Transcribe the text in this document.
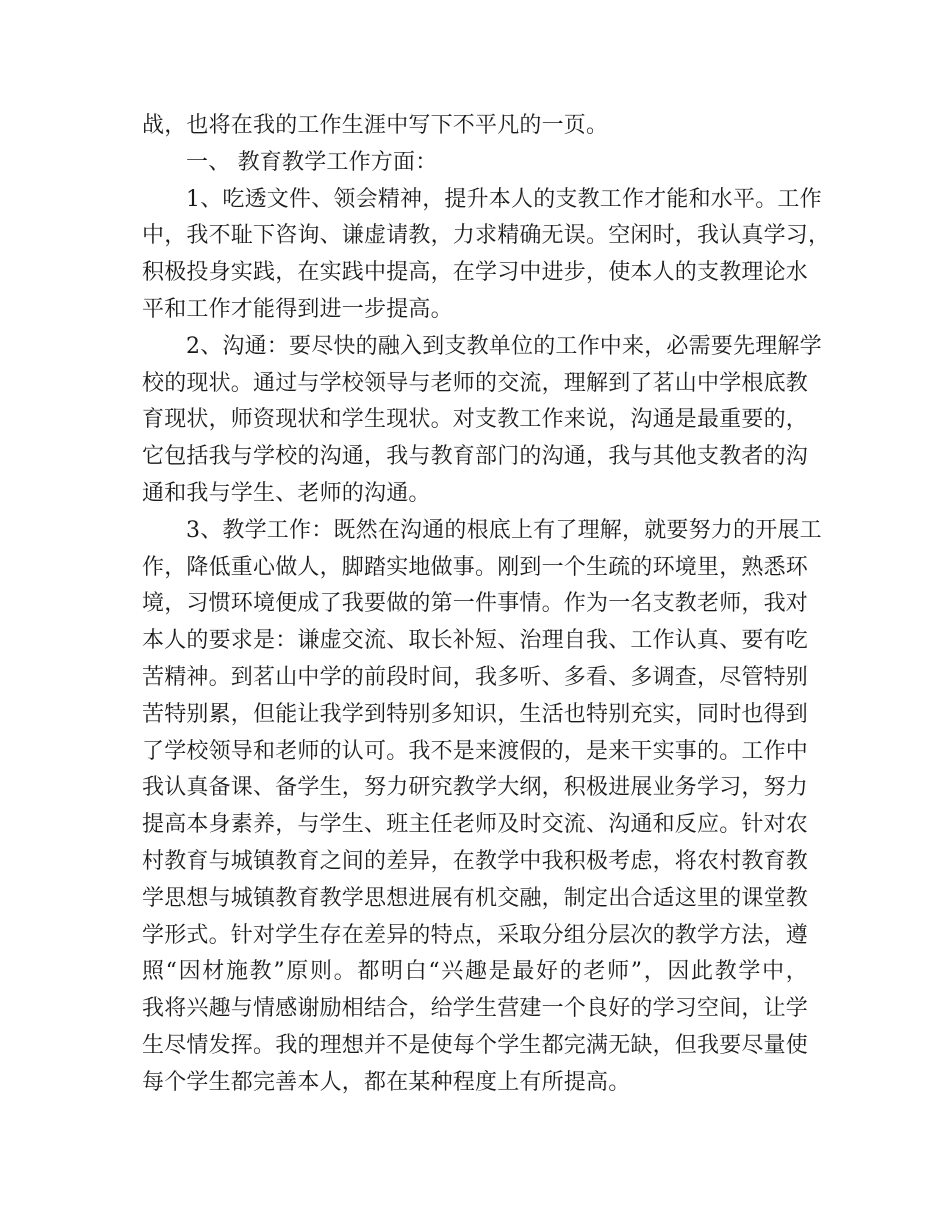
战，也将在我的工作生涯中写下不平凡的一页。
一、 教育教学工作方面：
1、吃透文件、领会精神，提升本人的支教工作才能和水平。工作
中，我不耻下咨询、谦虚请教，力求精确无误。空闲时，我认真学习，
积极投身实践，在实践中提高，在学习中进步，使本人的支教理论水
平和工作才能得到进一步提高。
2、沟通：要尽快的融入到支教单位的工作中来，必需要先理解学
校的现状。通过与学校领导与老师的交流，理解到了茗山中学根底教
育现状，师资现状和学生现状。对支教工作来说，沟通是最重要的，
它包括我与学校的沟通，我与教育部门的沟通，我与其他支教者的沟
通和我与学生、老师的沟通。
3、教学工作：既然在沟通的根底上有了理解，就要努力的开展工
作，降低重心做人，脚踏实地做事。刚到一个生疏的环境里，熟悉环
境，习惯环境便成了我要做的第一件事情。作为一名支教老师，我对
本人的要求是：谦虚交流、取长补短、治理自我、工作认真、要有吃
苦精神。到茗山中学的前段时间，我多听、多看、多调查，尽管特别
苦特别累，但能让我学到特别多知识，生活也特别充实，同时也得到
了学校领导和老师的认可。我不是来渡假的，是来干实事的。工作中
我认真备课、备学生，努力研究教学大纲，积极进展业务学习，努力
提高本身素养，与学生、班主任老师及时交流、沟通和反应。针对农
村教育与城镇教育之间的差异，在教学中我积极考虑，将农村教育教
学思想与城镇教育教学思想进展有机交融，制定出合适这里的课堂教
学形式。针对学生存在差异的特点，采取分组分层次的教学方法，遵
照“因材施教”原则。都明白“兴趣是最好的老师”，因此教学中，
我将兴趣与情感谢励相结合，给学生营建一个良好的学习空间，让学
生尽情发挥。我的理想并不是使每个学生都完满无缺，但我要尽量使
每个学生都完善本人，都在某种程度上有所提高。
